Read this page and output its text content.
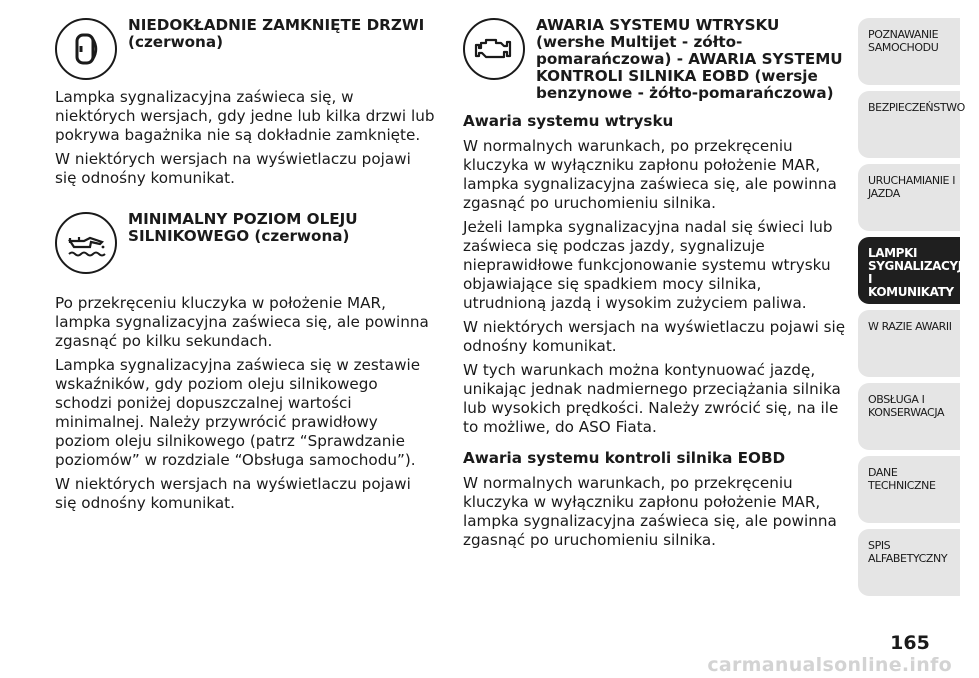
NIEDOKŁADNIE ZAMKNIĘTE DRZWI (czerwona)

Lampka sygnalizacyjna zaświeca się, w niektórych wersjach, gdy jedne lub kilka drzwi lub pokrywa bagażnika nie są dokładnie zamknięte.

W niektórych wersjach na wyświetlaczu pojawi się odnośny komunikat.

MINIMALNY POZIOM OLEJU SILNIKOWEGO (czerwona)

Po przekręceniu kluczyka w położenie MAR, lampka sygnalizacyjna zaświeca się, ale powinna zgasnąć po kilku sekundach.

Lampka sygnalizacyjna zaświeca się w zestawie wskaźników, gdy poziom oleju silnikowego schodzi poniżej dopuszczalnej wartości minimalnej. Należy przywrócić prawidłowy poziom oleju silnikowego (patrz “Sprawdzanie poziomów” w rozdziale “Obsługa samochodu”).

W niektórych wersjach na wyświetlaczu pojawi się odnośny komunikat.

AWARIA SYSTEMU WTRYSKU (wershe Multijet - zółto-pomarańczowa) - AWARIA SYSTEMU KONTROLI SILNIKA EOBD (wersje benzynowe - żółto-pomarańczowa)
Awaria systemu wtrysku

W normalnych warunkach, po przekręceniu kluczyka w wyłączniku zapłonu położenie MAR, lampka sygnalizacyjna zaświeca się, ale powinna zgasnąć po uruchomieniu silnika.

Jeżeli lampka sygnalizacyjna nadal się świeci lub zaświeca się podczas jazdy, sygnalizuje nieprawidłowe funkcjonowanie systemu wtrysku objawiające się spadkiem mocy silnika, utrudnioną jazdą i wysokim zużyciem paliwa.

W niektórych wersjach na wyświetlaczu pojawi się odnośny komunikat.

W tych warunkach można kontynuować jazdę, unikając jednak nadmiernego przeciążania silnika lub wysokich prędkości. Należy zwrócić się, na ile to możliwe, do ASO Fiata.

Awaria systemu kontroli silnika EOBD

W normalnych warunkach, po przekręceniu kluczyka w wyłączniku zapłonu położenie MAR, lampka sygnalizacyjna zaświeca się, ale powinna zgasnąć po uruchomieniu silnika.

POZNAWANIE SAMOCHODU
BEZPIECZEŃSTWO
URUCHAMIANIE I JAZDA
LAMPKI SYGNALIZACYJNE I KOMUNIKATY
W RAZIE AWARII
OBSŁUGA I KONSERWACJA
DANE TECHNICZNE
SPIS ALFABETYCZNY
165
carmanualsonline.info
